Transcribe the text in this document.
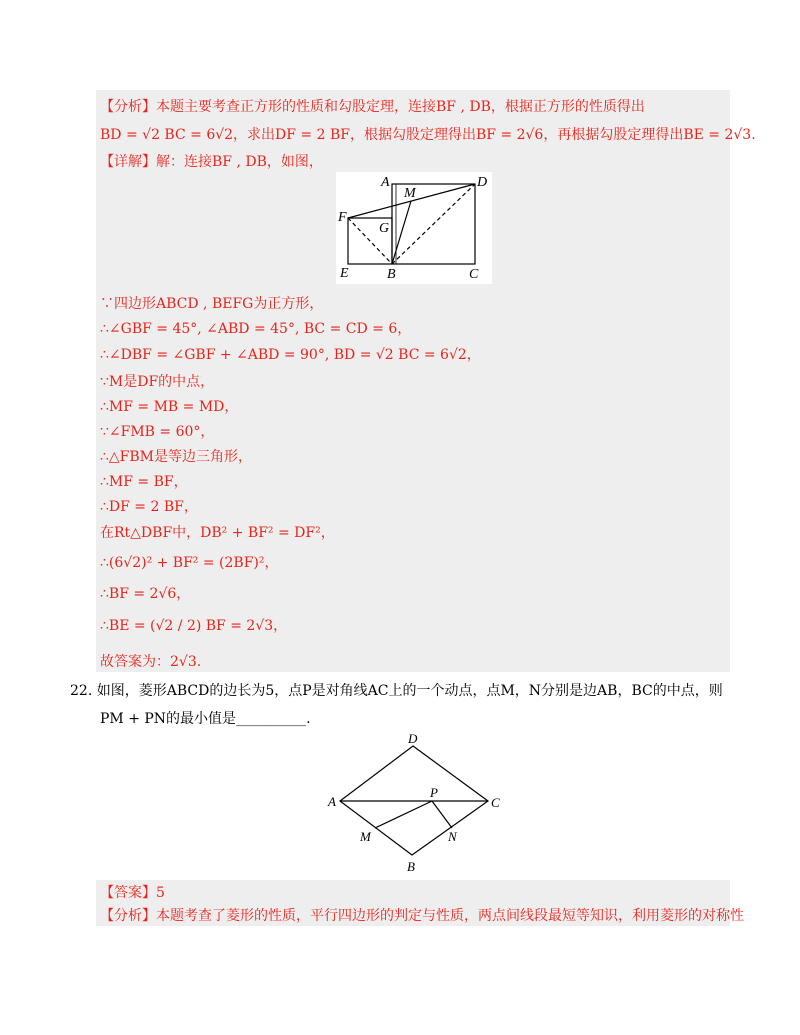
【分析】本题主要考查正方形的性质和勾股定理，连接BF , DB，根据正方形的性质得出
BD = √2 BC = 6√2，求出DF = 2 BF，根据勾股定理得出BF = 2√6，再根据勾股定理得出BE = 2√3.
【详解】解：连接BF , DB，如图，
A
M
D
F
G
E	B	C
∵四边形ABCD , BEFG为正方形，
∴∠GBF = 45°, ∠ABD = 45°, BC = CD = 6，
∴∠DBF = ∠GBF + ∠ABD = 90°, BD = √2 BC = 6√2，
∵M是DF的中点，
∴MF = MB = MD，
∵∠FMB = 60°，
∴△FBM是等边三角形，
∴MF = BF，
∴DF = 2 BF，
在Rt△DBF中，DB² + BF² = DF²，
∴(6√2)² + BF² = (2BF)²，
∴BF = 2√6，
∴BE = (√2 / 2) BF = 2√3，
故答案为：2√3.
22. 如图，菱形ABCD的边长为5，点P是对角线AC上的一个动点，点M，N分别是边AB，BC的中点，则
PM + PN的最小值是__________.
D
A
P
C
M	N
B
【答案】5
【分析】本题考查了菱形的性质，平行四边形的判定与性质，两点间线段最短等知识，利用菱形的对称性
